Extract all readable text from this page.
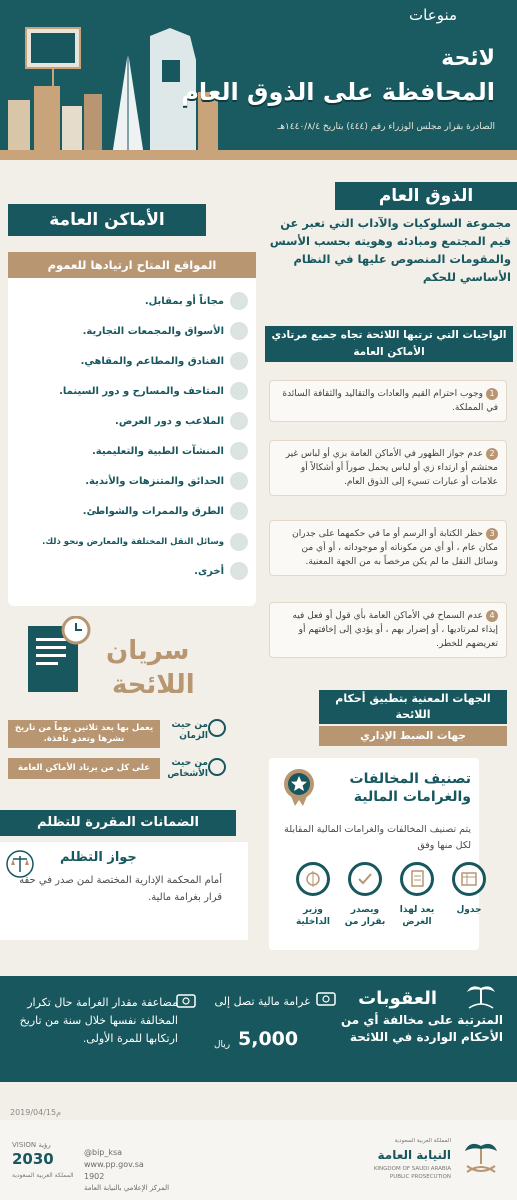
منوعات
لائحة
المحافظة على الذوق العام
الصادرة بقرار مجلس الوزراء رقم (٤٤٤) بتاريخ ١٤٤٠/٨/٤هـ
الذوق العام
مجموعة السلوكيات والآداب التي تعبر عن قيم المجتمع ومبادئه وهويته بحسب الأسس والمقومات المنصوص عليها في النظام الأساسي للحكم
الواجبات التي ترتبها اللائحة تجاه جميع مرتادي الأماكن العامة
1وجوب احترام القيم والعادات والتقاليد والثقافة السائدة في المملكة.
2عدم جواز الظهور في الأماكن العامة بزي أو لباس غير محتشم أو ارتداء زي أو لباس يحمل صوراً أو أشكالاً أو علامات أو عبارات تسيء إلى الذوق العام.
3حظر الكتابة أو الرسم أو ما في حكمهما على جدران مكان عام ، أو أي من مكوناته أو موجوداته ، أو أي من وسائل النقل ما لم يكن مرخصاً به من الجهة المعنية.
4عدم السماح في الأماكن العامة بأي قول أو فعل فيه إيذاء لمرتاديها ، أو إضرار بهم ، أو يؤدي إلى إخافتهم أو تعريضهم للخطر.
الجهات المعنية بتطبيق أحكام اللائحة
جهات الضبط الإداري
تصنيف المخالفات والغرامات المالية
يتم تصنيف المخالفات والغرامات المالية المقابلة لكل منها وفق
جدول
يعد لهذا الغرض
ويصدر بقرار من
وزير الداخلية
الأماكن العامة
المواقع المتاح ارتيادها للعموم
مجاناً أو بمقابل.
الأسواق والمجمعات التجارية.
الفنادق والمطاعم والمقاهي.
المتاحف والمسارح و دور السينما.
الملاعب و دور العرض.
المنشآت الطبية والتعليمية.
الحدائق والمتنزهات والأندية.
الطرق والممرات والشواطئ.
وسائل النقل المختلفة والمعارض ونحو ذلك.
أخرى.
سريان
اللائحة
من حيث الزمان
يعمل بها بعد ثلاثين يوماً من تاريخ نشرها وتعدو نافذة.
من حيث الأشخاص
على كل من يرتاد الأماكن العامة
الضمانات المقررة للتظلم
جواز التظلم
أمام المحكمة الإدارية المختصة لمن صدر في حقه قرار بغرامة مالية.
العقوبات
المترتبة على مخالفة أي من الأحكام الواردة في اللائحة
غرامة مالية تصل إلى
5,000
ريال
مضاعفة مقدار الغرامة حال تكرار المخالفة نفسها خلال سنة من تاريخ ارتكابها للمرة الأولى.
2019/04/15م
VISION رؤية
2030
المملكة العربية السعودية
@bip_ksa
www.pp.gov.sa
1902
المركز الإعلامي بالنيابة العامة
المملكة العربية السعودية
النيابة العامة
KINGDOM OF SAUDI ARABIA
PUBLIC PROSECUTION
